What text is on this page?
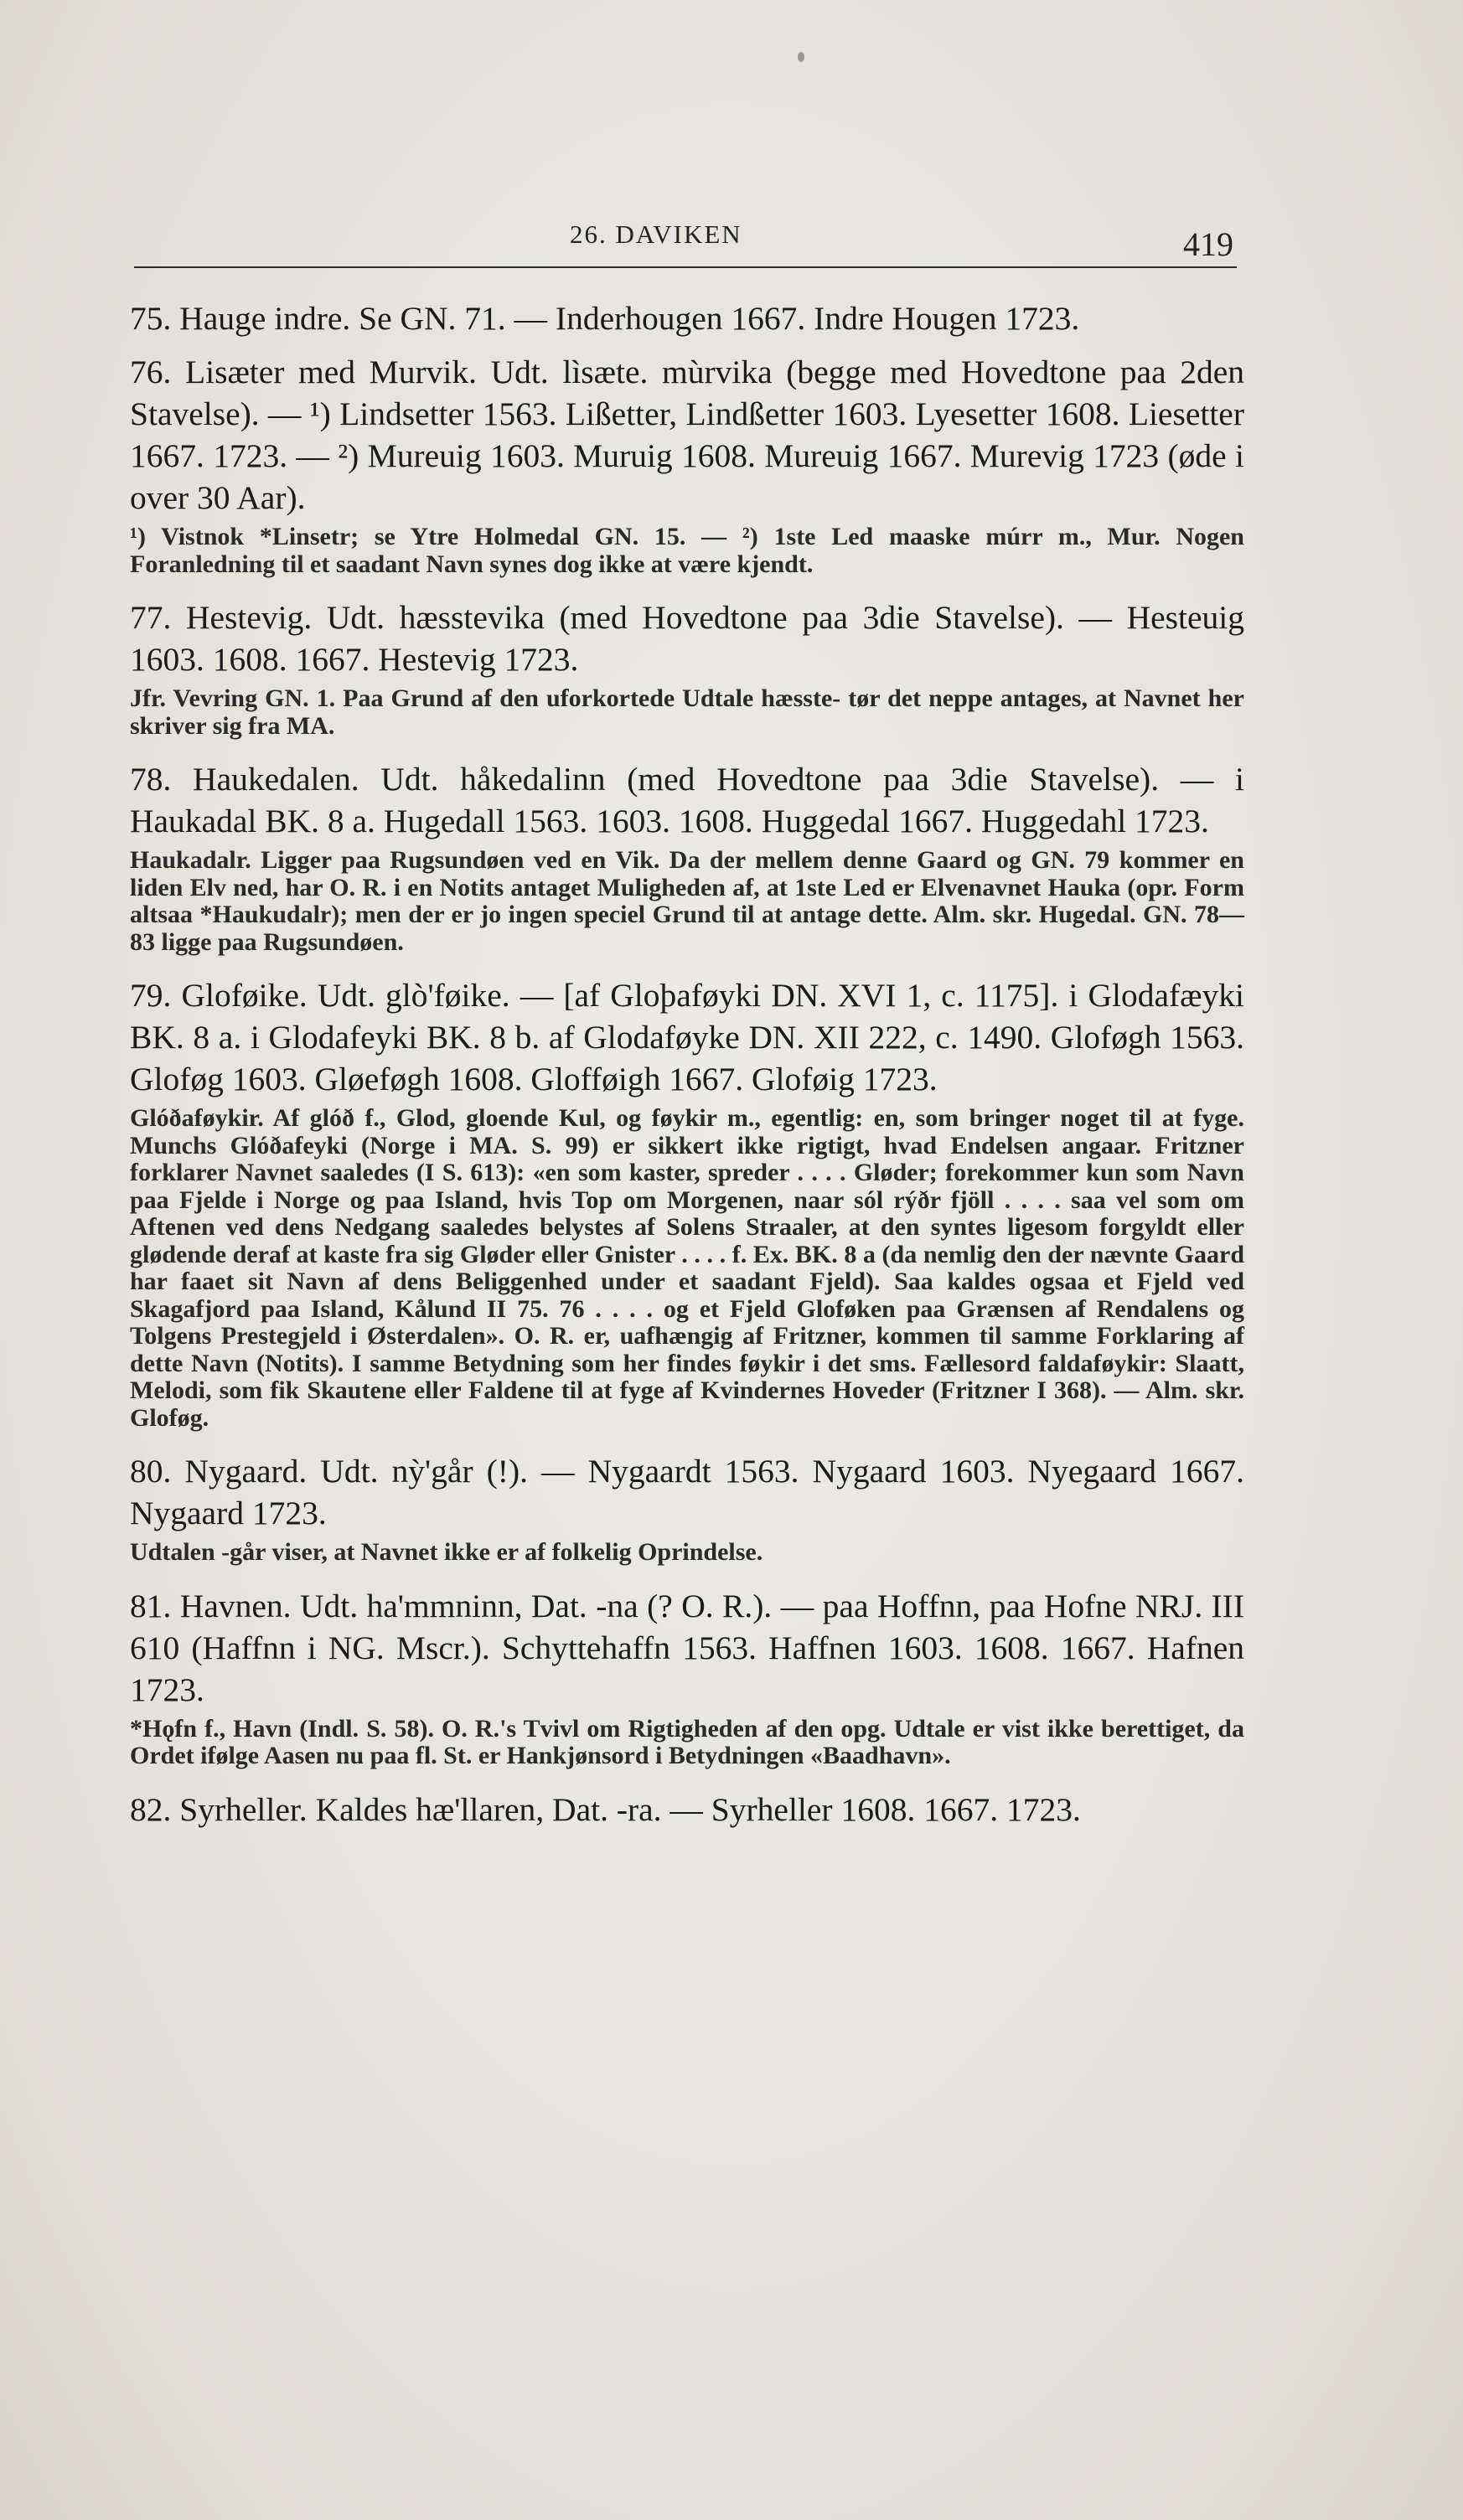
26. DAVIKEN	419

75. Hauge indre. Se GN. 71. — Inderhougen 1667. Indre Hougen 1723.

76. Lisæter med Murvik. Udt. lìsæte. mùrvika (begge med Hovedtone paa 2den Stavelse). — ¹) Lindsetter 1563. Lißetter, Lindßetter 1603. Lyesetter 1608. Liesetter 1667. 1723. — ²) Mureuig 1603. Muruig 1608. Mureuig 1667. Murevig 1723 (øde i over 30 Aar).

¹) Vistnok *Linsetr; se Ytre Holmedal GN. 15. — ²) 1ste Led maaske múrr m., Mur. Nogen Foranledning til et saadant Navn synes dog ikke at være kjendt.

77. Hestevig. Udt. hæsstevika (med Hovedtone paa 3die Stavelse). — Hesteuig 1603. 1608. 1667. Hestevig 1723.

Jfr. Vevring GN. 1. Paa Grund af den uforkortede Udtale hæsste- tør det neppe antages, at Navnet her skriver sig fra MA.

78. Haukedalen. Udt. håkedalinn (med Hovedtone paa 3die Stavelse). — i Haukadal BK. 8 a. Hugedall 1563. 1603. 1608. Huggedal 1667. Huggedahl 1723.

Haukadalr. Ligger paa Rugsundøen ved en Vik. Da der mellem denne Gaard og GN. 79 kommer en liden Elv ned, har O. R. i en Notits antaget Muligheden af, at 1ste Led er Elvenavnet Hauka (opr. Form altsaa *Haukudalr); men der er jo ingen speciel Grund til at antage dette. Alm. skr. Hugedal. GN. 78—83 ligge paa Rugsundøen.

79. Gloføike. Udt. glò'føike. — [af Gloþaføyki DN. XVI 1, c. 1175]. i Glodafæyki BK. 8 a. i Glodafeyki BK. 8 b. af Glodaføyke DN. XII 222, c. 1490. Gloføgh 1563. Gloføg 1603. Gløeføgh 1608. Glofføigh 1667. Gloføig 1723.

Glóðaføykir. Af glóð f., Glod, gloende Kul, og føykir m., egentlig: en, som bringer noget til at fyge. Munchs Glóðafeyki (Norge i MA. S. 99) er sikkert ikke rigtigt, hvad Endelsen angaar. Fritzner forklarer Navnet saaledes (I S. 613): «en som kaster, spreder . . . . Gløder; forekommer kun som Navn paa Fjelde i Norge og paa Island, hvis Top om Morgenen, naar sól rýðr fjöll . . . . saa vel som om Aftenen ved dens Nedgang saaledes belystes af Solens Straaler, at den syntes ligesom forgyldt eller glødende deraf at kaste fra sig Gløder eller Gnister . . . . f. Ex. BK. 8 a (da nemlig den der nævnte Gaard har faaet sit Navn af dens Beliggenhed under et saadant Fjeld). Saa kaldes ogsaa et Fjeld ved Skagafjord paa Island, Kålund II 75. 76 . . . . og et Fjeld Gloføken paa Grænsen af Rendalens og Tolgens Prestegjeld i Østerdalen». O. R. er, uafhængig af Fritzner, kommen til samme Forklaring af dette Navn (Notits). I samme Betydning som her findes føykir i det sms. Fællesord faldaføykir: Slaatt, Melodi, som fik Skautene eller Faldene til at fyge af Kvindernes Hoveder (Fritzner I 368). — Alm. skr. Gloføg.

80. Nygaard. Udt. nỳ'går (!). — Nygaardt 1563. Nygaard 1603. Nyegaard 1667. Nygaard 1723.

Udtalen -går viser, at Navnet ikke er af folkelig Oprindelse.

81. Havnen. Udt. ha'mmninn, Dat. -na (? O. R.). — paa Hoffnn, paa Hofne NRJ. III 610 (Haffnn i NG. Mscr.). Schyttehaffn 1563. Haffnen 1603. 1608. 1667. Hafnen 1723.

*Hǫfn f., Havn (Indl. S. 58). O. R.'s Tvivl om Rigtigheden af den opg. Udtale er vist ikke berettiget, da Ordet ifølge Aasen nu paa fl. St. er Hankjønsord i Betydningen «Baadhavn».

82. Syrheller. Kaldes hæ'llaren, Dat. -ra. — Syrheller 1608. 1667. 1723.
